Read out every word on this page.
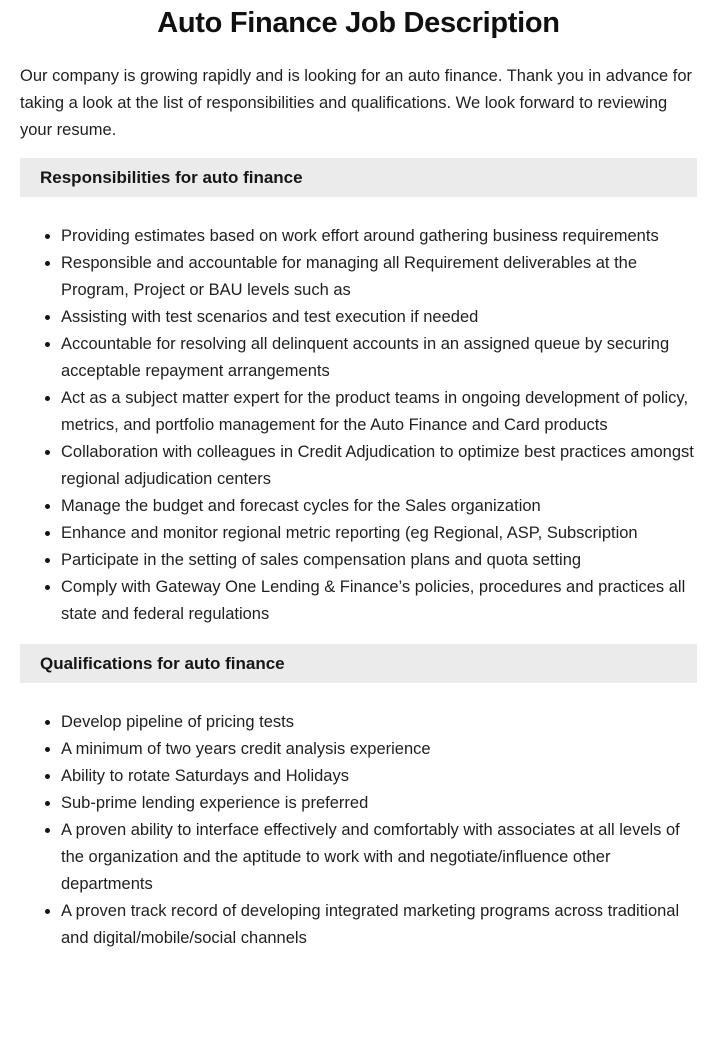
Auto Finance Job Description

Our company is growing rapidly and is looking for an auto finance. Thank you in advance for taking a look at the list of responsibilities and qualifications. We look forward to reviewing your resume.

Responsibilities for auto finance
Providing estimates based on work effort around gathering business requirements
Responsible and accountable for managing all Requirement deliverables at the Program, Project or BAU levels such as
Assisting with test scenarios and test execution if needed
Accountable for resolving all delinquent accounts in an assigned queue by securing acceptable repayment arrangements
Act as a subject matter expert for the product teams in ongoing development of policy, metrics, and portfolio management for the Auto Finance and Card products
Collaboration with colleagues in Credit Adjudication to optimize best practices amongst regional adjudication centers
Manage the budget and forecast cycles for the Sales organization
Enhance and monitor regional metric reporting (eg Regional, ASP, Subscription
Participate in the setting of sales compensation plans and quota setting
Comply with Gateway One Lending & Finance’s policies, procedures and practices all state and federal regulations
Qualifications for auto finance
Develop pipeline of pricing tests
A minimum of two years credit analysis experience
Ability to rotate Saturdays and Holidays
Sub-prime lending experience is preferred
A proven ability to interface effectively and comfortably with associates at all levels of the organization and the aptitude to work with and negotiate/influence other departments
A proven track record of developing integrated marketing programs across traditional and digital/mobile/social channels
